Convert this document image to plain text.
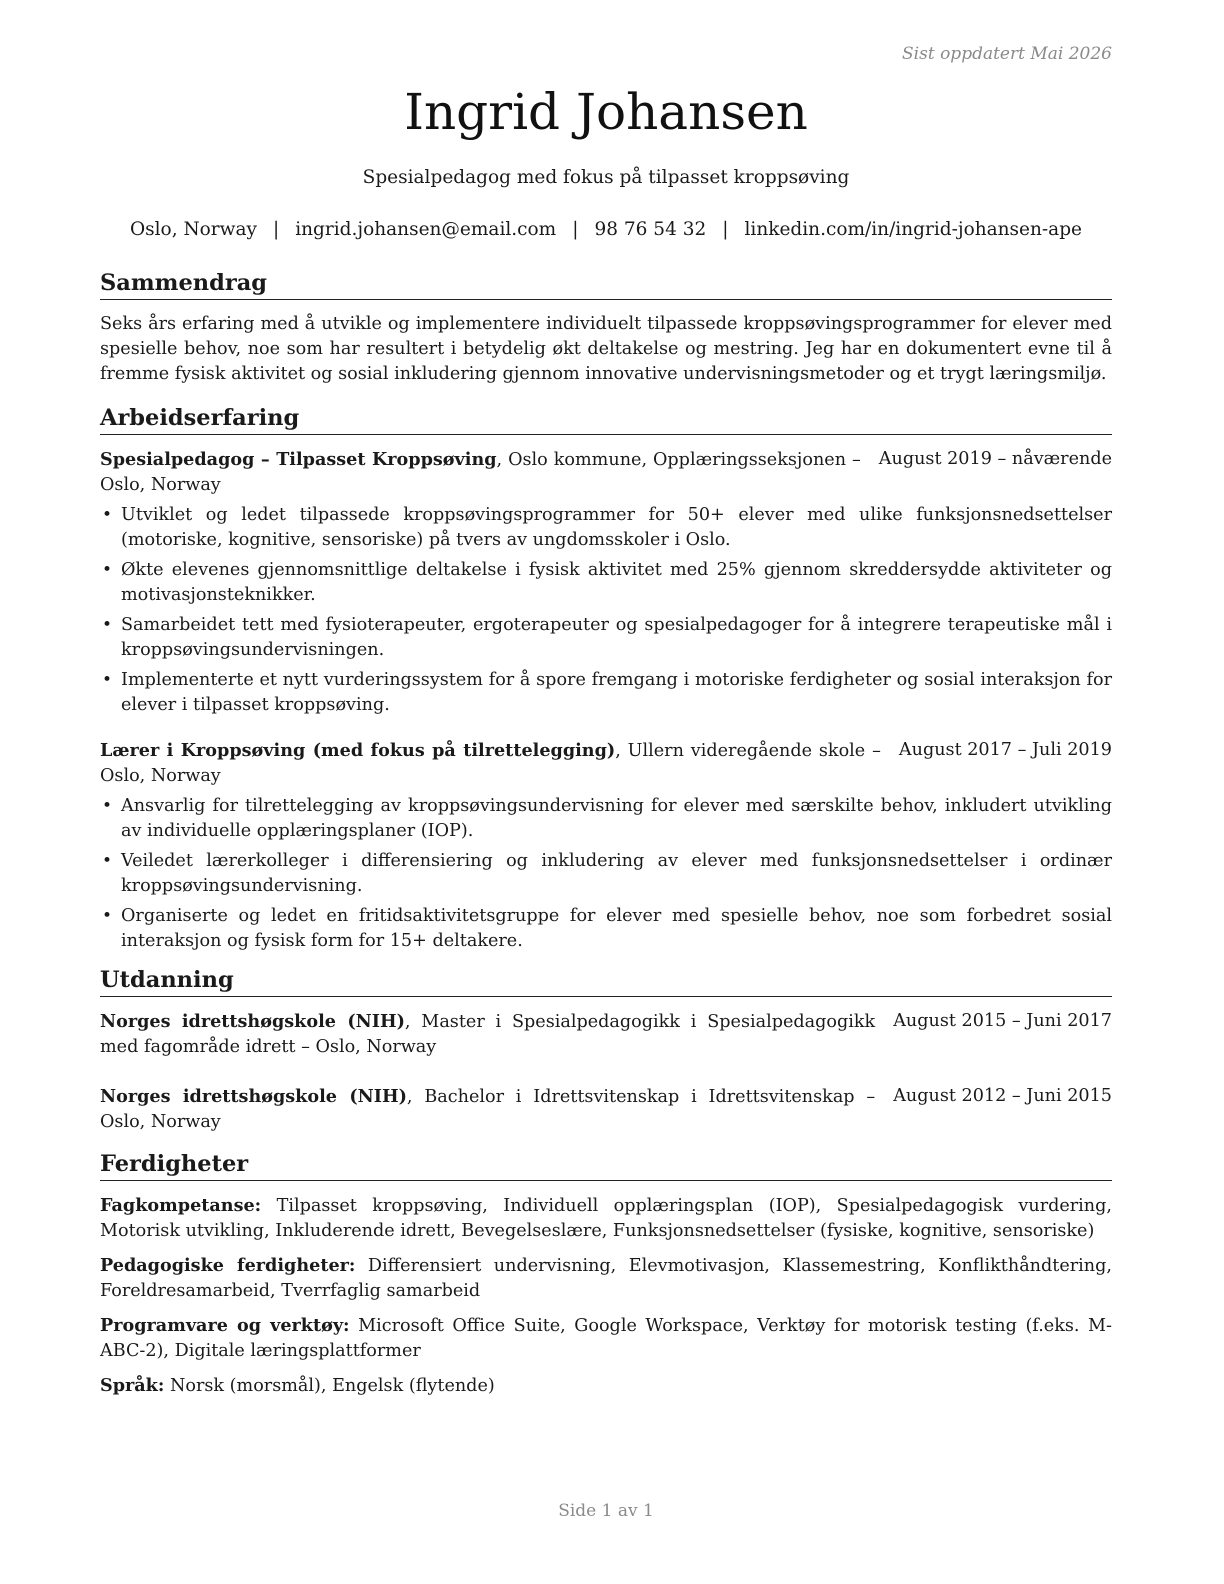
Sist oppdatert Mai 2026
Ingrid Johansen
Spesialpedagog med fokus på tilpasset kroppsøving
Oslo, Norway | ingrid.johansen@email.com | 98 76 54 32 | linkedin.com/in/ingrid-johansen-ape
Sammendrag

Seks års erfaring med å utvikle og implementere individuelt tilpassede kroppsøvingsprogrammer for elever med spesielle behov, noe som har resultert i betydelig økt deltakelse og mestring. Jeg har en dokumentert evne til å fremme fysisk aktivitet og sosial inkludering gjennom innovative undervisningsmetoder og et trygt læringsmiljø.

Arbeidserfaring

August 2019 – nåværende
Spesialpedagog – Tilpasset Kroppsøving, Oslo kommune, Opplæringsseksjonen – Oslo, Norway

• Utviklet og ledet tilpassede kroppsøvingsprogrammer for 50+ elever med ulike funksjonsnedsettelser (motoriske, kognitive, sensoriske) på tvers av ungdomsskoler i Oslo.
• Økte elevenes gjennomsnittlige deltakelse i fysisk aktivitet med 25% gjennom skreddersydde aktiviteter og motivasjonsteknikker.
• Samarbeidet tett med fysioterapeuter, ergoterapeuter og spesialpedagoger for å integrere terapeutiske mål i kroppsøvingsundervisningen.
• Implementerte et nytt vurderingssystem for å spore fremgang i motoriske ferdigheter og sosial interaksjon for elever i tilpasset kroppsøving.

August 2017 – Juli 2019
Lærer i Kroppsøving (med fokus på tilrettelegging), Ullern videregående skole – Oslo, Norway

• Ansvarlig for tilrettelegging av kroppsøvingsundervisning for elever med særskilte behov, inkludert utvikling av individuelle opplæringsplaner (IOP).
• Veiledet lærerkolleger i differensiering og inkludering av elever med funksjonsnedsettelser i ordinær kroppsøvingsundervisning.
• Organiserte og ledet en fritidsaktivitetsgruppe for elever med spesielle behov, noe som forbedret sosial interaksjon og fysisk form for 15+ deltakere.
Utdanning

August 2015 – Juni 2017
Norges idrettshøgskole (NIH), Master i Spesialpedagogikk i Spesialpedagogikk med fagområde idrett – Oslo, Norway

August 2012 – Juni 2015
Norges idrettshøgskole (NIH), Bachelor i Idrettsvitenskap i Idrettsvitenskap – Oslo, Norway

Ferdigheter

Fagkompetanse: Tilpasset kroppsøving, Individuell opplæringsplan (IOP), Spesialpedagogisk vurdering, Motorisk utvikling, Inkluderende idrett, Bevegelseslære, Funksjonsnedsettelser (fysiske, kognitive, sensoriske)

Pedagogiske ferdigheter: Differensiert undervisning, Elevmotivasjon, Klassemestring, Konflikthåndtering, Foreldresamarbeid, Tverrfaglig samarbeid

Programvare og verktøy: Microsoft Office Suite, Google Workspace, Verktøy for motorisk testing (f.eks. M-ABC-2), Digitale læringsplattformer

Språk: Norsk (morsmål), Engelsk (flytende)

Side 1 av 1
